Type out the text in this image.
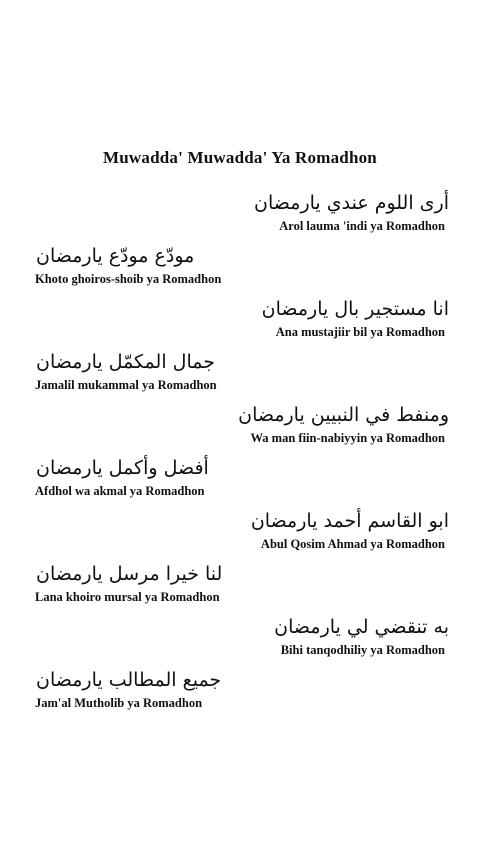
Muwadda' Muwadda' Ya Romadhon
أرى اللوم عندي يارمضان
Arol lauma 'indi ya Romadhon
مودّع مودّع يارمضان
Khoto ghoiros-shoib ya Romadhon
انا مستجير بال يارمضان
Ana mustajiir bil ya Romadhon
جمال المكمّل يارمضان
Jamalil mukammal ya Romadhon
ومنفط في النبيين يارمضان
Wa man fiin-nabiyyin ya Romadhon
أفضل وأكمل يارمضان
Afdhol wa akmal ya Romadhon
ابو القاسم أحمد يارمضان
Abul Qosim Ahmad ya Romadhon
لنا خيرا مرسل يارمضان
Lana khoiro mursal ya Romadhon
به تنقضي لي يارمضان
Bihi tanqodhiliy ya Romadhon
جميع المطالب يارمضان
Jam'al Mutholib ya Romadhon
